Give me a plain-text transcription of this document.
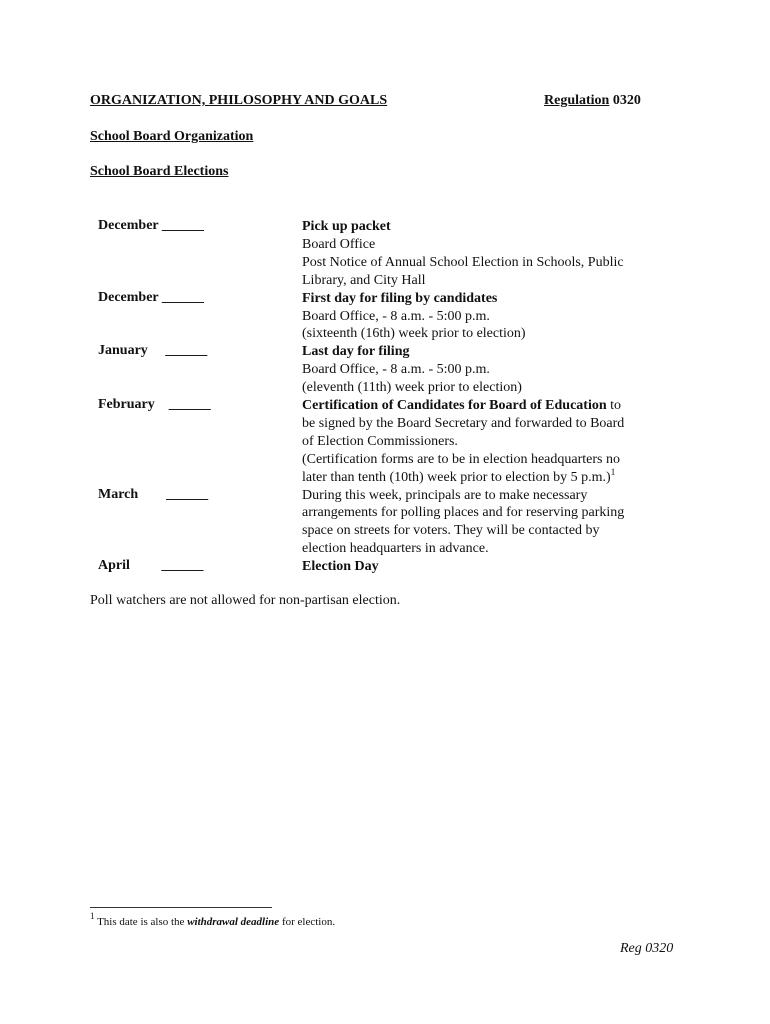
ORGANIZATION, PHILOSOPHY AND GOALS	Regulation 0320
School Board Organization
School Board Elections
December ______	Pick up packet
Board Office
Post Notice of Annual School Election in Schools, Public
Library, and City Hall
December ______	First day for filing by candidates
Board Office, - 8 a.m. - 5:00 p.m.
(sixteenth (16th) week prior to election)
January     ______	Last day for filing
Board Office, - 8 a.m. - 5:00 p.m.
(eleventh (11th) week prior to election)
February    ______	Certification of Candidates for Board of Education to
be signed by the Board Secretary and forwarded to Board
of Election Commissioners.
(Certification forms are to be in election headquarters no
later than tenth (10th) week prior to election by 5 p.m.)$^1$
March        ______	During this week, principals are to make necessary
arrangements for polling places and for reserving parking
space on streets for voters. They will be contacted by
election headquarters in advance.
April         ______	Election Day
Poll watchers are not allowed for non-partisan election.
$^1$ This date is also the withdrawal deadline for election.
Reg 0320
